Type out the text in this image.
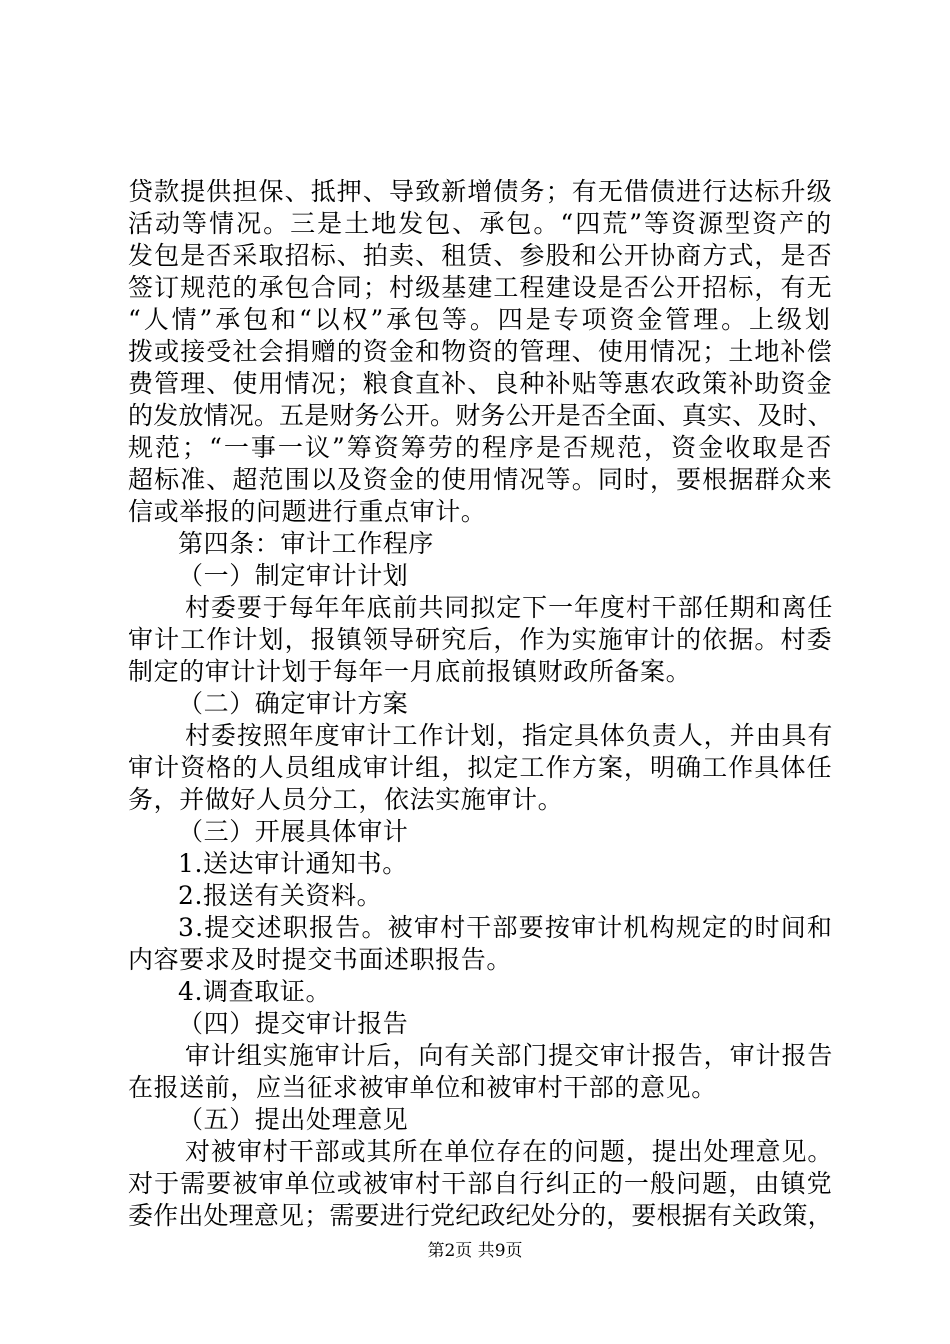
贷款提供担保、抵押、导致新增债务；有无借债进行达标升级
活动等情况。三是土地发包、承包。“四荒”等资源型资产的
发包是否采取招标、拍卖、租赁、参股和公开协商方式，是否
签订规范的承包合同；村级基建工程建设是否公开招标，有无
“人情”承包和“以权”承包等。四是专项资金管理。上级划
拨或接受社会捐赠的资金和物资的管理、使用情况；土地补偿
费管理、使用情况；粮食直补、良种补贴等惠农政策补助资金
的发放情况。五是财务公开。财务公开是否全面、真实、及时、
规范；“一事一议”筹资筹劳的程序是否规范，资金收取是否
超标准、超范围以及资金的使用情况等。同时，要根据群众来
信或举报的问题进行重点审计。
第四条：审计工作程序
（一）制定审计计划
村委要于每年年底前共同拟定下一年度村干部任期和离任
审计工作计划，报镇领导研究后，作为实施审计的依据。村委
制定的审计计划于每年一月底前报镇财政所备案。
（二）确定审计方案
村委按照年度审计工作计划，指定具体负责人，并由具有
审计资格的人员组成审计组，拟定工作方案，明确工作具体任
务，并做好人员分工，依法实施审计。
（三）开展具体审计
1.送达审计通知书。
2.报送有关资料。
3.提交述职报告。被审村干部要按审计机构规定的时间和
内容要求及时提交书面述职报告。
4.调查取证。
（四）提交审计报告
审计组实施审计后，向有关部门提交审计报告，审计报告
在报送前，应当征求被审单位和被审村干部的意见。
（五）提出处理意见
对被审村干部或其所在单位存在的问题，提出处理意见。
对于需要被审单位或被审村干部自行纠正的一般问题，由镇党
委作出处理意见；需要进行党纪政纪处分的，要根据有关政策，
第2页 共9页
